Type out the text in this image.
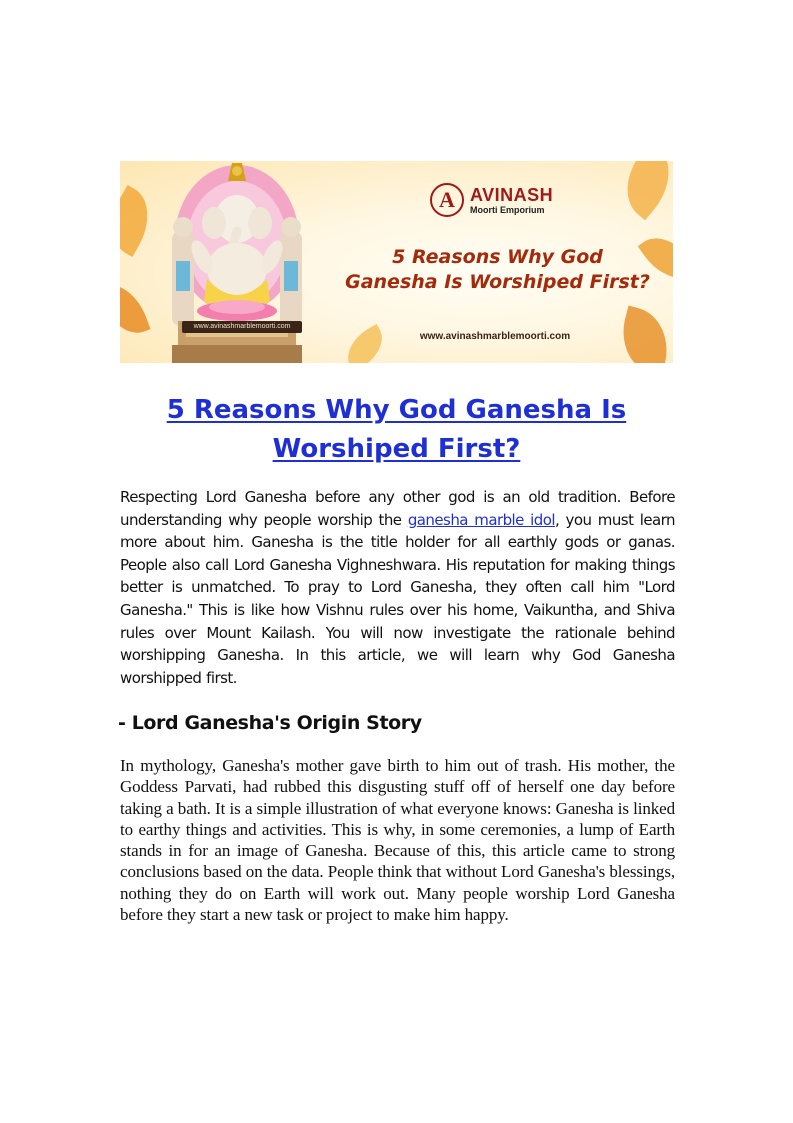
www.avinashmarblemoorti.com
A AVINASH
Moorti Emporium
5 Reasons Why God
Ganesha Is Worshiped First?
www.avinashmarblemoorti.com
5 Reasons Why God Ganesha Is Worshiped First?

Respecting Lord Ganesha before any other god is an old tradition. Before understanding why people worship the ganesha marble idol, you must learn more about him. Ganesha is the title holder for all earthly gods or ganas. People also call Lord Ganesha Vighneshwara. His reputation for making things better is unmatched. To pray to Lord Ganesha, they often call him "Lord Ganesha." This is like how Vishnu rules over his home, Vaikuntha, and Shiva rules over Mount Kailash. You will now investigate the rationale behind worshipping Ganesha. In this article, we will learn why God Ganesha worshipped first.

- Lord Ganesha's Origin Story

In mythology, Ganesha's mother gave birth to him out of trash. His mother, the Goddess Parvati, had rubbed this disgusting stuff off of herself one day before taking a bath. It is a simple illustration of what everyone knows: Ganesha is linked to earthy things and activities. This is why, in some ceremonies, a lump of Earth stands in for an image of Ganesha. Because of this, this article came to strong conclusions based on the data. People think that without Lord Ganesha's blessings, nothing they do on Earth will work out. Many people worship Lord Ganesha before they start a new task or project to make him happy.
